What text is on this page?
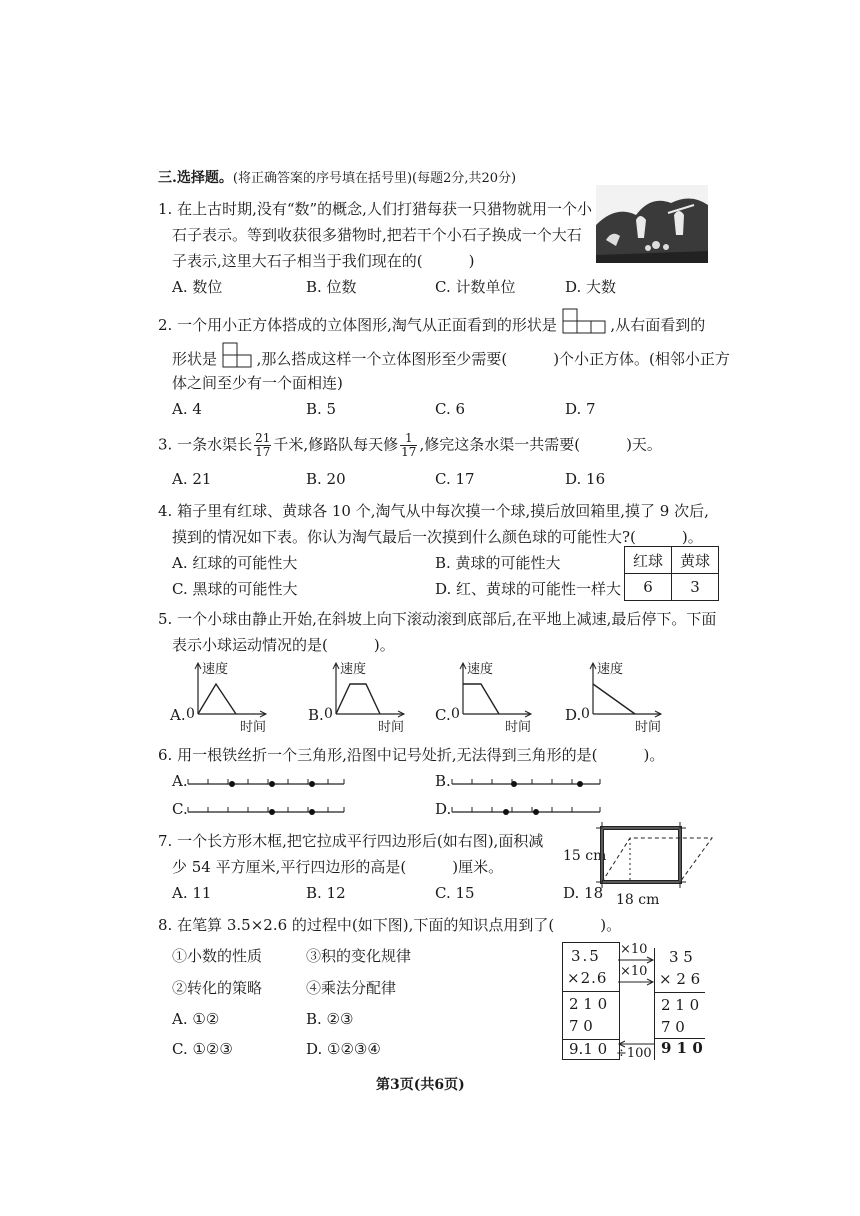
三.选择题。(将正确答案的序号填在括号里)(每题2分,共20分)
1. 在上古时期,没有“数”的概念,人们打猎每获一只猎物就用一个小
石子表示。等到收获很多猎物时,把若干个小石子换成一个大石
子表示,这里大石子相当于我们现在的(	)
A. 数位	B. 位数	C. 计数单位	D. 大数
2. 一个用小正方体搭成的立体图形,淘气从正面看到的形状是	,从右面看到的
形状是	,那么搭成这样一个立体图形至少需要(	)个小正方体。(相邻小正方
体之间至少有一个面相连)
A. 4	B. 5	C. 6	D. 7
3. 一条水渠长 $\frac{21}{17}$ 千米,修路队每天修 $\frac{1}{17}$ ,修完这条水渠一共需要(	)天。
A. 21	B. 20	C. 17	D. 16
4. 箱子里有红球、黄球各 10 个,淘气从中每次摸一个球,摸后放回箱里,摸了 9 次后,
摸到的情况如下表。你认为淘气最后一次摸到什么颜色球的可能性大?(	)。
A. 红球的可能性大	B. 黄球的可能性大
C. 黑球的可能性大	D. 红、黄球的可能性一样大
红球	黄球
6	3
5. 一个小球由静止开始,在斜坡上向下滚动滚到底部后,在平地上减速,最后停下。下面
表示小球运动情况的是(	)。
A. 0
速度
时间
B. 0
速度
时间
C. 0
速度
时间
D. 0
速度
时间
6. 用一根铁丝折一个三角形,沿图中记号处折,无法得到三角形的是(	)。
A.	B.
C.	D.
7. 一个长方形木框,把它拉成平行四边形后(如右图),面积减
少 54 平方厘米,平行四边形的高是(	)厘米。
A. 11	B. 12	C. 15	D. 18
15 cm
18 cm
8. 在笔算 3.5×2.6 的过程中(如下图),下面的知识点用到了(	)。
①小数的性质	③积的变化规律
②转化的策略	④乘法分配律
A. ①②	B. ②③
C. ①②③	D. ①②③④
3.5
×2.6
2 1 0
7 0
9.1 0
3 5
× 2 6
2 1 0
7 0
9 1 0
×10
×10
÷100
第3页(共6页)
